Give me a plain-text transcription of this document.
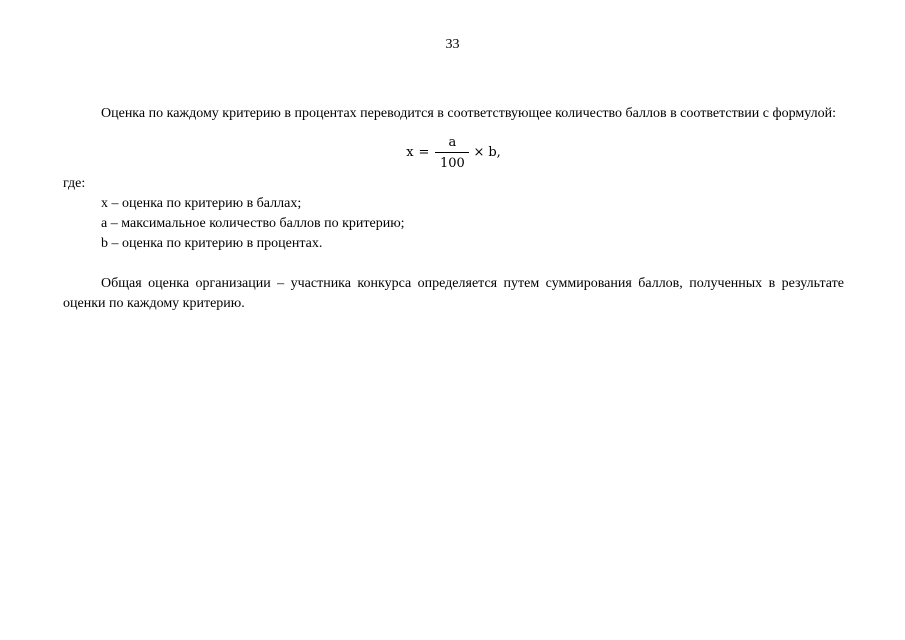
33

Оценка по каждому критерию в процентах переводится в соответствующее количество баллов в соответствии с формулой:

$x = \frac{a}{100} \times b$,

где:

x – оценка по критерию в баллах;
a – максимальное количество баллов по критерию;
b – оценка по критерию в процентах.

Общая оценка организации – участника конкурса определяется путем суммирования баллов, полученных в результате оценки по каждому критерию.
